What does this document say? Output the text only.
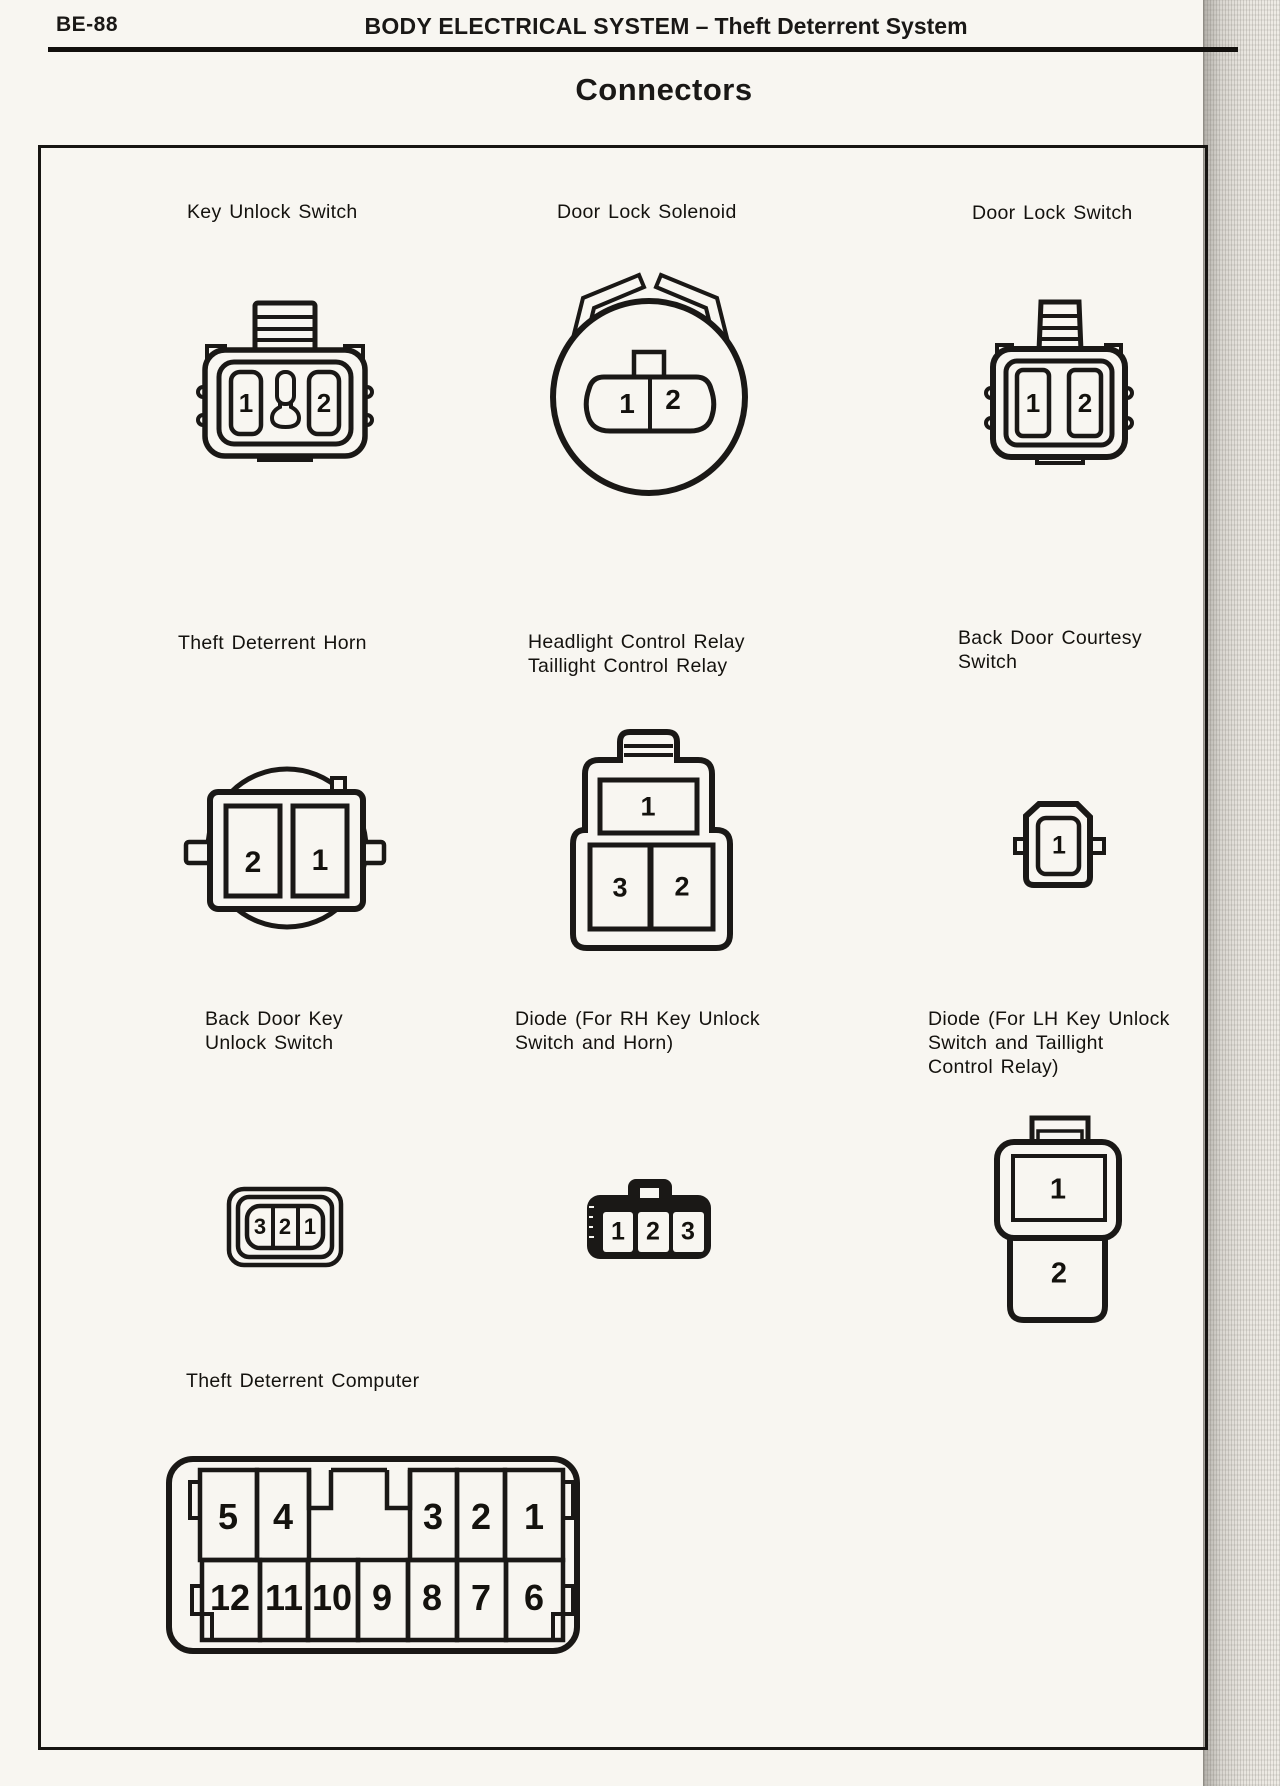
BE-88	BODY ELECTRICAL SYSTEM – Theft Deterrent System
Connectors
Key Unlock Switch	Door Lock Solenoid	Door Lock Switch
1 2	1 2	1 2
Theft Deterrent Horn	Headlight Control Relay
Taillight Control Relay
Back Door Courtesy
Switch
2 1
1
3 2
1
Back Door Key
Unlock Switch
Diode (For RH Key Unlock
Switch and Horn)
Diode (For LH Key Unlock
Switch and Taillight
Control Relay)
3 2 1	1 2 3
1
2
Theft Deterrent Computer
5 4	3 2 1
12 11 10 9 8 7 6
